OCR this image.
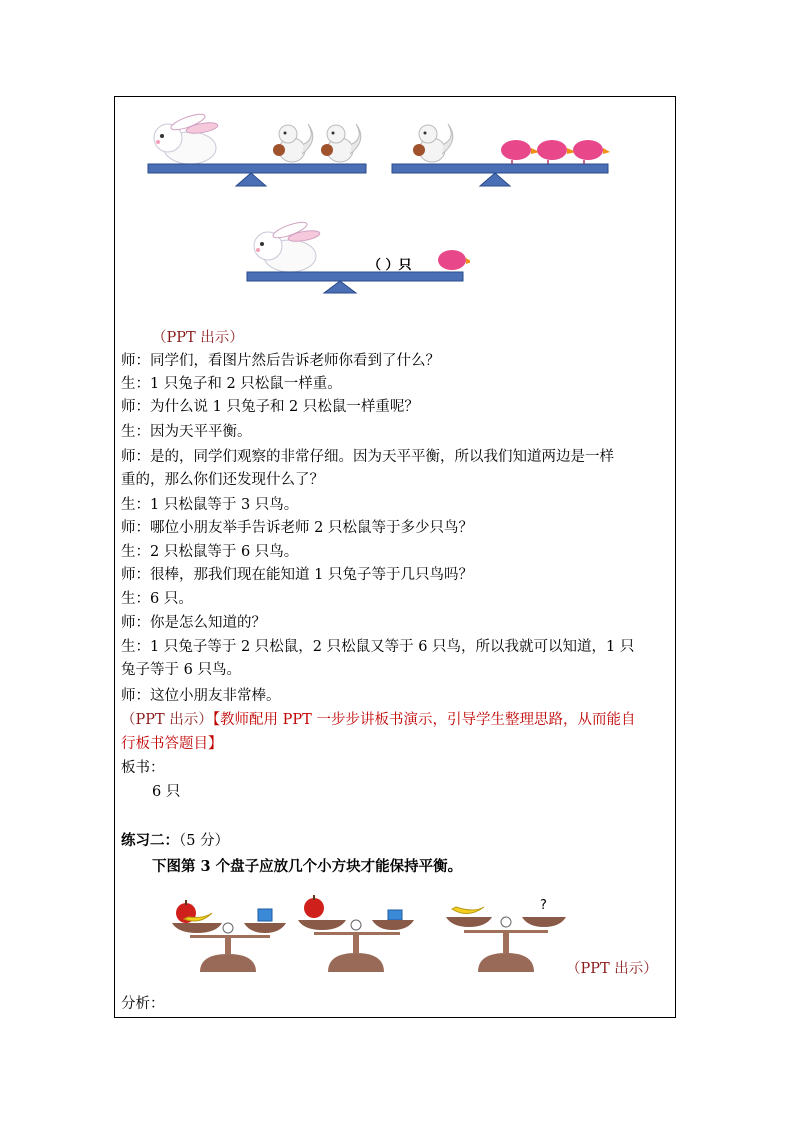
（ ）只
（PPT 出示）
师：同学们，看图片然后告诉老师你看到了什么？
生：1 只兔子和 2 只松鼠一样重。
师：为什么说 1 只兔子和 2 只松鼠一样重呢？
生：因为天平平衡。
师：是的，同学们观察的非常仔细。因为天平平衡，所以我们知道两边是一样
重的，那么你们还发现什么了？
生：1 只松鼠等于 3 只鸟。
师：哪位小朋友举手告诉老师 2 只松鼠等于多少只鸟？
生：2 只松鼠等于 6 只鸟。
师：很棒，那我们现在能知道 1 只兔子等于几只鸟吗？
生：6 只。
师：你是怎么知道的？
生：1 只兔子等于 2 只松鼠，2 只松鼠又等于 6 只鸟，所以我就可以知道，1 只
兔子等于 6 只鸟。
师：这位小朋友非常棒。
（PPT 出示）【教师配用 PPT 一步步讲板书演示，引导学生整理思路，从而能自
行板书答题目】
板书：
6 只
练习二：（5 分）
下图第 3 个盘子应放几个小方块才能保持平衡。
?
（PPT 出示）
分析：
